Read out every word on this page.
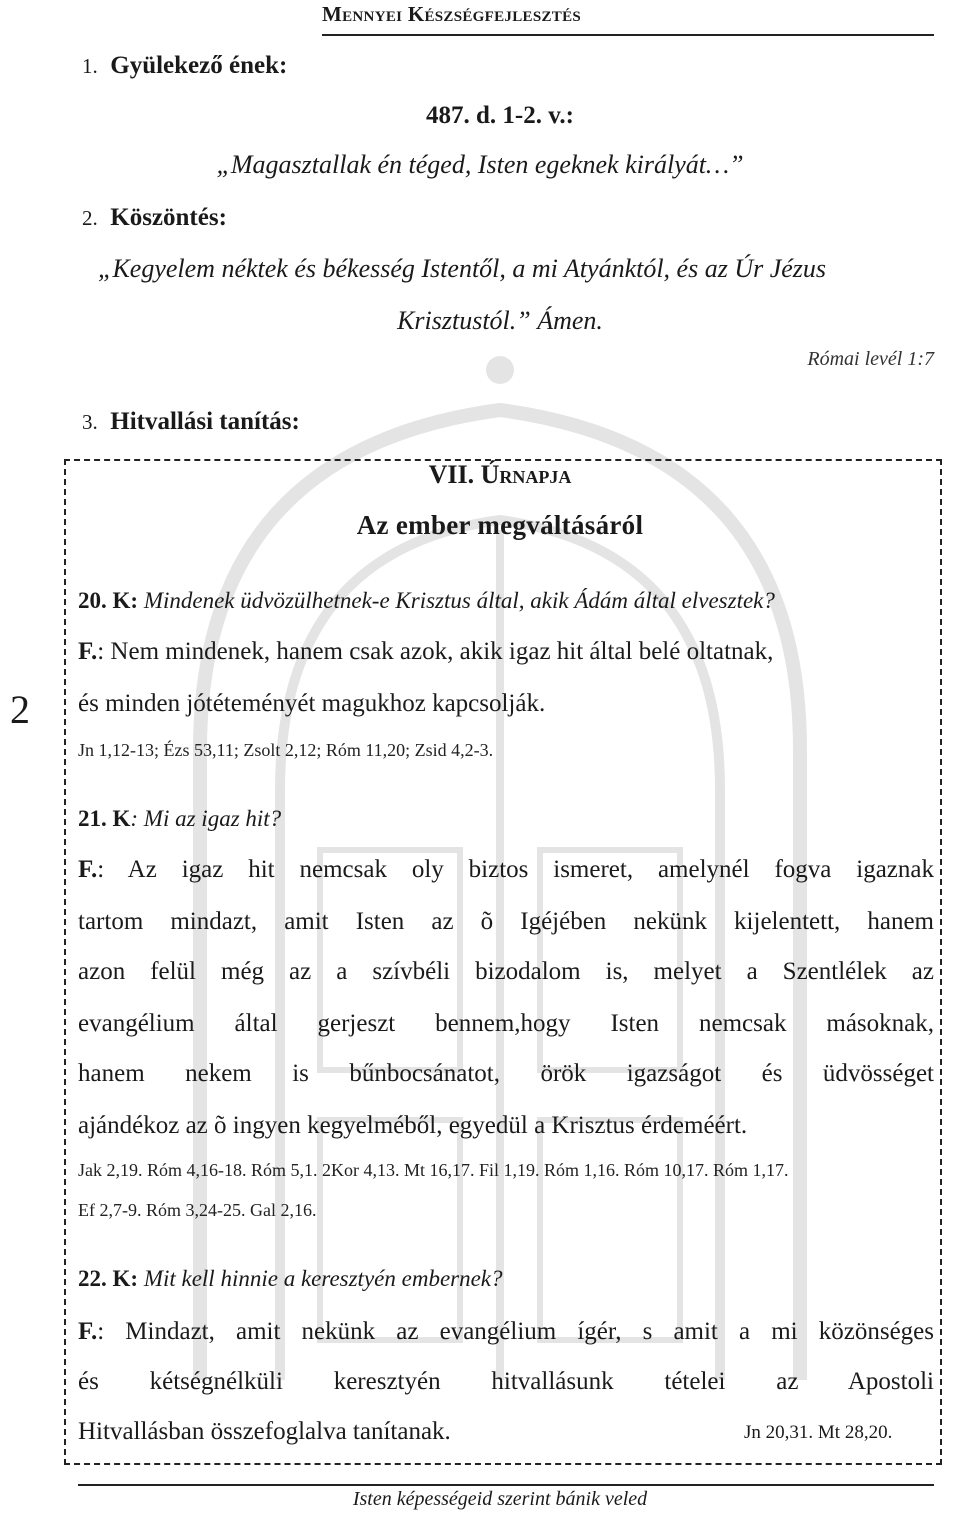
Mennyei Készségfejlesztés
1. Gyülekező ének:
487. d. 1-2. v.:
„Magasztallak én téged, Isten egeknek királyát…”
2. Köszöntés:
„Kegyelem néktek és békesség Istentől, a mi Atyánktól, és az Úr Jézus
Krisztustól.” Ámen.
Római levél 1:7
3. Hitvallási tanítás:
2
VII. Úrnapja
Az ember megváltásáról
20. K: Mindenek üdvözülhetnek-e Krisztus által, akik Ádám által elvesztek?
F.: Nem mindenek, hanem csak azok, akik igaz hit által belé oltatnak,
és minden jótéteményét magukhoz kapcsolják.
Jn 1,12-13; Ézs 53,11; Zsolt 2,12; Róm 11,20; Zsid 4,2-3.
21. K: Mi az igaz hit?
F.: Az igaz hit nemcsak oly biztos ismeret, amelynél fogva igaznak
tartom mindazt, amit Isten az õ Igéjében nekünk kijelentett, hanem
azon felül még az a szívbéli bizodalom is, melyet a Szentlélek az
evangélium által gerjeszt bennem,hogy Isten nemcsak másoknak,
hanem nekem is bűnbocsánatot, örök igazságot és üdvösséget
ajándékoz az õ ingyen kegyelméből, egyedül a Krisztus érdeméért.
Jak 2,19. Róm 4,16-18. Róm 5,1. 2Kor 4,13. Mt 16,17. Fil 1,19. Róm 1,16. Róm 10,17. Róm 1,17.
Ef 2,7-9. Róm 3,24-25. Gal 2,16.
22. K: Mit kell hinnie a keresztyén embernek?
F.: Mindazt, amit nekünk az evangélium ígér, s amit a mi közönséges
és kétségnélküli keresztyén hitvallásunk tételei az Apostoli
Hitvallásban összefoglalva tanítanak.	Jn 20,31. Mt 28,20.
Isten képességeid szerint bánik veled
